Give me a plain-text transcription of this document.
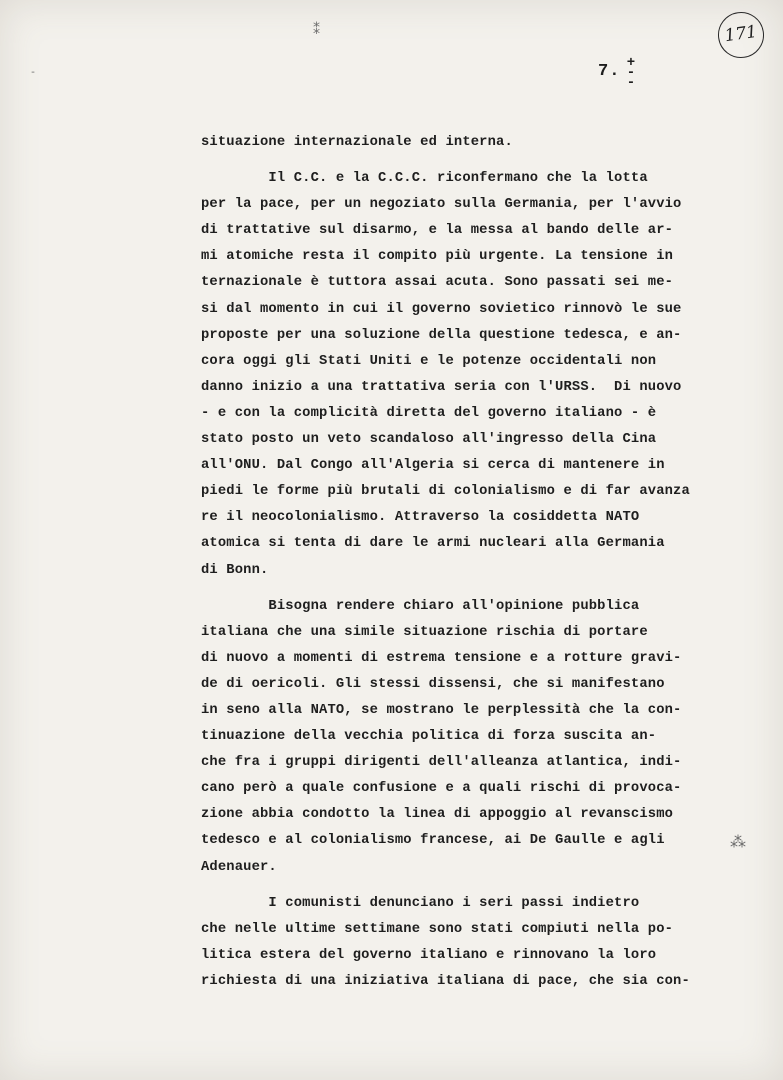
⁑
-
⁂
7. +
-
-
171
situazione internazionale ed interna.
Il C.C. e la C.C.C. riconfermano che la lotta
per la pace, per un negoziato sulla Germania, per l'avvio
di trattative sul disarmo, e la messa al bando delle ar-
mi atomiche resta il compito più urgente. La tensione in
ternazionale è tuttora assai acuta. Sono passati sei me-
si dal momento in cui il governo sovietico rinnovò le sue
proposte per una soluzione della questione tedesca, e an-
cora oggi gli Stati Uniti e le potenze occidentali non
danno inizio a una trattativa seria con l'URSS.  Di nuovo
- e con la complicità diretta del governo italiano - è
stato posto un veto scandaloso all'ingresso della Cina
all'ONU. Dal Congo all'Algeria si cerca di mantenere in
piedi le forme più brutali di colonialismo e di far avanza
re il neocolonialismo. Attraverso la cosiddetta NATO
atomica si tenta di dare le armi nucleari alla Germania
di Bonn.
Bisogna rendere chiaro all'opinione pubblica
italiana che una simile situazione rischia di portare
di nuovo a momenti di estrema tensione e a rotture gravi-
de di oericoli. Gli stessi dissensi, che si manifestano
in seno alla NATO, se mostrano le perplessità che la con-
tinuazione della vecchia politica di forza suscita an-
che fra i gruppi dirigenti dell'alleanza atlantica, indi-
cano però a quale confusione e a quali rischi di provoca-
zione abbia condotto la linea di appoggio al revanscismo
tedesco e al colonialismo francese, ai De Gaulle e agli
Adenauer.
I comunisti denunciano i seri passi indietro
che nelle ultime settimane sono stati compiuti nella po-
litica estera del governo italiano e rinnovano la loro
richiesta di una iniziativa italiana di pace, che sia con-
